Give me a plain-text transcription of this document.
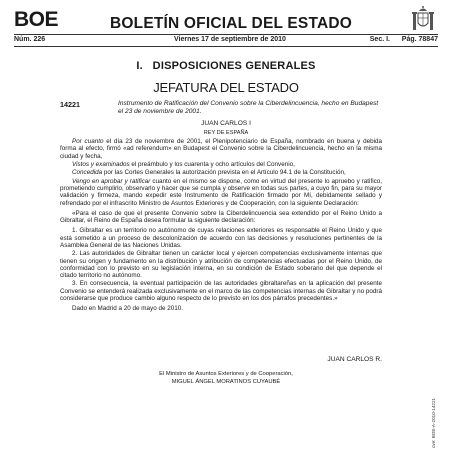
BOE	BOLETÍN OFICIAL DEL ESTADO
Núm. 226	Viernes 17 de septiembre de 2010	Sec. I. Pág. 78847
I.   DISPOSICIONES GENERALES
JEFATURA DEL ESTADO
14221	Instrumento de Ratificación del Convenio sobre la Ciberdelincuencia, hecho en Budapest el 23 de noviembre de 2001.
JUAN CARLOS I
REY DE ESPAÑA

Por cuanto el día 23 de noviembre de 2001, el Plenipotenciario de España, nombrado en buena y debida forma al efecto, firmó «ad referendum» en Budapest el Convenio sobre la Ciberdelincuencia, hecho en la misma ciudad y fecha,

Vistos y examinados el preámbulo y los cuarenta y ocho artículos del Convenio,

Concedida por las Cortes Generales la autorización prevista en el Artículo 94.1 de la Constitución,

Vengo en aprobar y ratificar cuanto en el mismo se dispone, como en virtud del presente lo apruebo y ratifico, prometiendo cumplirlo, observarlo y hacer que se cumpla y observe en todas sus partes, a cuyo fin, para su mayor validación y firmeza, mando expedir este Instrumento de Ratificación firmado por Mí, debidamente sellado y refrendado por el infrascrito Ministro de Asuntos Exteriores y de Cooperación, con la siguiente Declaración:

«Para el caso de que el presente Convenio sobre la Ciberdelincuencia sea extendido por el Reino Unido a Gibraltar, el Reino de España desea formular la siguiente declaración:

1. Gibraltar es un territorio no autónomo de cuyas relaciones exteriores es responsable el Reino Unido y que está sometido a un proceso de descolonización de acuerdo con las decisiones y resoluciones pertinentes de la Asamblea General de las Naciones Unidas.

2. Las autoridades de Gibraltar tienen un carácter local y ejercen competencias exclusivamente internas que tienen su origen y fundamento en la distribución y atribución de competencias efectuadas por el Reino Unido, de conformidad con lo previsto en su legislación interna, en su condición de Estado soberano del que depende el citado territorio no autónomo.

3. En consecuencia, la eventual participación de las autoridades gibraltareñas en la aplicación del presente Convenio se entenderá realizada exclusivamente en el marco de las competencias internas de Gibraltar y no podrá considerarse que produce cambio alguno respecto de lo previsto en los dos párrafos precedentes.»

Dado en Madrid a 20 de mayo de 2010.

JUAN CARLOS R.
El Ministro de Asuntos Exteriores y de Cooperación,
MIGUEL ÁNGEL MORATINOS CUYAUBÉ
cve: BOE-A-2010-14221
